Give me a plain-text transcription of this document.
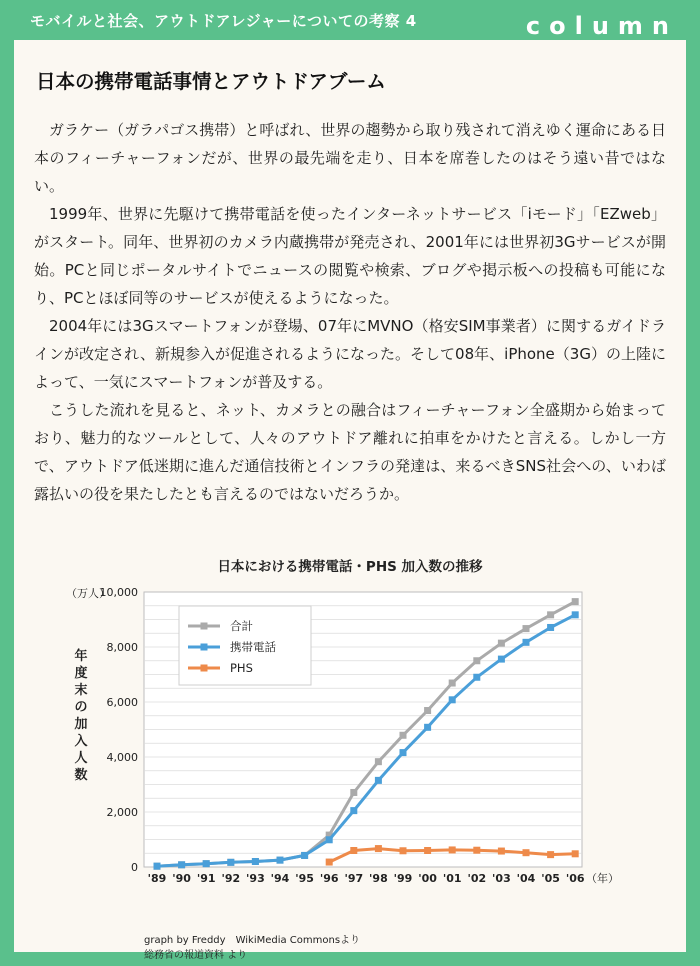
モバイルと社会、アウトドアレジャーについての考察 4	column
日本の携帯電話事情とアウトドアブーム

ガラケー（ガラパゴス携帯）と呼ばれ、世界の趨勢から取り残されて消えゆく運命にある日本のフィーチャーフォンだが、世界の最先端を走り、日本を席巻したのはそう遠い昔ではない。

1999年、世界に先駆けて携帯電話を使ったインターネットサービス「iモード」「EZweb」がスタート。同年、世界初のカメラ内蔵携帯が発売され、2001年には世界初3Gサービスが開始。PCと同じポータルサイトでニュースの閲覧や検索、ブログや掲示板への投稿も可能になり、PCとほぼ同等のサービスが使えるようになった。

2004年には3Gスマートフォンが登場、07年にMVNO（格安SIM事業者）に関するガイドラインが改定され、新規参入が促進されるようになった。そして08年、iPhone（3G）の上陸によって、一気にスマートフォンが普及する。

こうした流れを見ると、ネット、カメラとの融合はフィーチャーフォン全盛期から始まっており、魅力的なツールとして、人々のアウトドア離れに拍車をかけたと言える。しかし一方で、アウトドア低迷期に進んだ通信技術とインフラの発達は、来るべきSNS社会への、いわば露払いの役を果たしたとも言えるのではないだろうか。

日本における携帯電話・PHS 加入数の推移
（万人）
（年）
年
度
末
の
加
入
人
数
0
2,000
4,000
6,000
8,000
10,000
'89 '90 '91 '92 '93 '94 '95 '96 '97 '98 '99 '00 '01 '02 '03 '04 '05 '06
合計
携帯電話
PHS
graph by Freddy　WikiMedia Commonsより
総務省の報道資料 より
